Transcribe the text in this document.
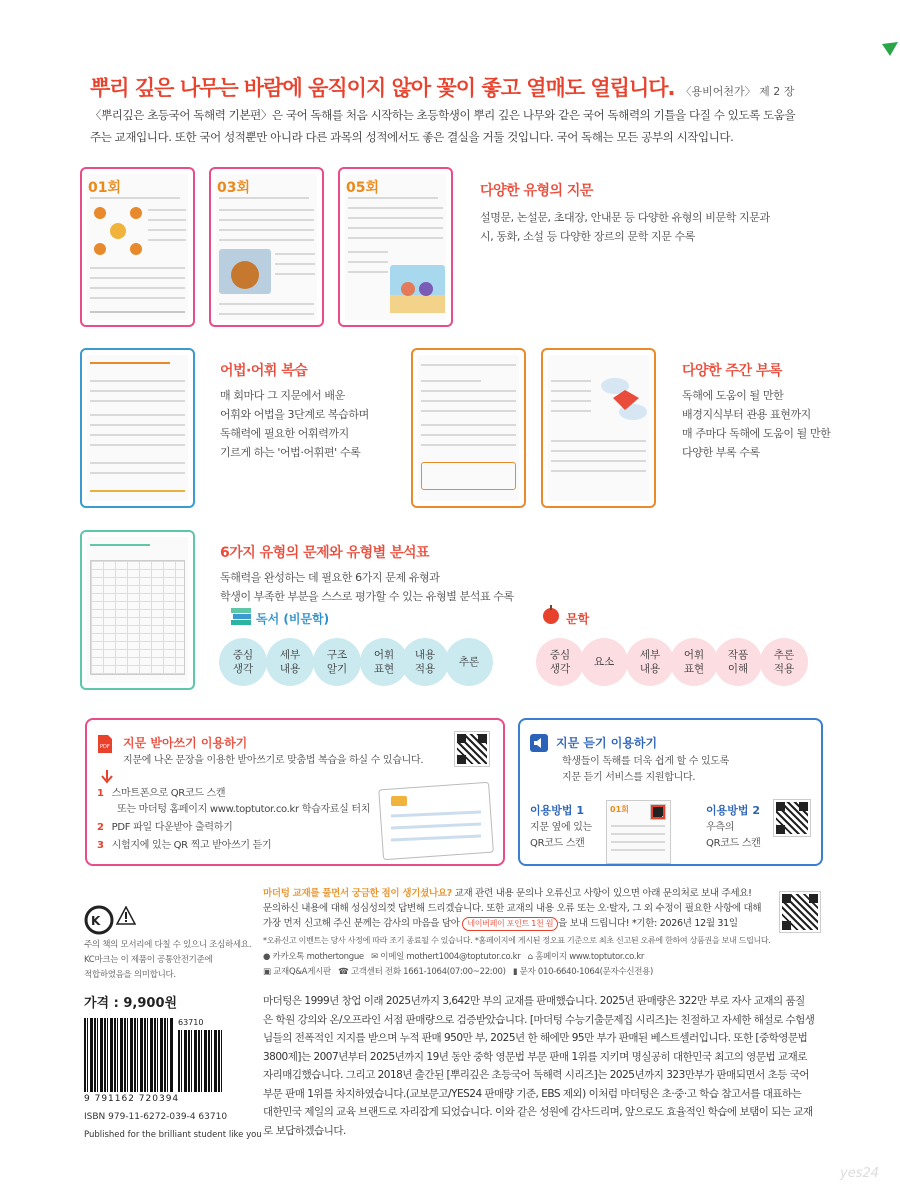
뿌리 깊은 나무는 바람에 움직이지 않아 꽃이 좋고 열매도 열립니다. 〈용비어천가〉 제 2 장
〈뿌리깊은 초등국어 독해력 기본편〉은 국어 독해를 처음 시작하는 초등학생이 뿌리 깊은 나무와 같은 국어 독해력의 기틀을 다질 수 있도록 도움을
주는 교재입니다. 또한 국어 성적뿐만 아니라 다른 과목의 성적에서도 좋은 결실을 거둘 것입니다. 국어 독해는 모든 공부의 시작입니다.
01회	03회	05회	다양한 유형의 지문
설명문, 논설문, 초대장, 안내문 등 다양한 유형의 비문학 지문과
시, 동화, 소설 등 다양한 장르의 문학 지문 수록
어법·어휘 복습
매 회마다 그 지문에서 배운
어휘와 어법을 3단계로 복습하며
독해력에 필요한 어휘력까지
기르게 하는 '어법·어휘편' 수록
다양한 주간 부록
독해에 도움이 될 만한
배경지식부터 관용 표현까지
매 주마다 독해에 도움이 될 만한
다양한 부록 수록
6가지 유형의 문제와 유형별 분석표
독해력을 완성하는 데 필요한 6가지 문제 유형과
학생이 부족한 부분을 스스로 평가할 수 있는 유형별 분석표 수록
독서 (비문학)
중심
생각
세부
내용
구조
알기
어휘
표현
내용
적용
추론
문학
중심
생각
요소
세부
내용
어휘
표현
작품
이해
추론
적용
PDF 지문 받아쓰기 이용하기
지문에 나온 문장을 이용한 받아쓰기로 맞춤법 복습을 하실 수 있습니다.
1 스마트폰으로 QR코드 스캔
또는 마더텅 홈페이지 www.toptutor.co.kr 학습자료실 터치
2 PDF 파일 다운받아 출력하기
3 시험지에 있는 QR 찍고 받아쓰기 듣기
지문 듣기 이용하기
학생들이 독해를 더욱 쉽게 할 수 있도록
지문 듣기 서비스를 지원합니다.
이용방법 1
지문 옆에 있는
QR코드 스캔
01회	이용방법 2
우측의
QR코드 스캔
K
주의 책의 모서리에 다칠 수 있으니 조심하세요.
KC마크는 이 제품이 공통안전기준에
적합하였음을 의미합니다.
가격 : 9,900원
63710
9 791162 720394
ISBN 979-11-6272-039-4 63710
Published for the brilliant student like you
마더텅 교재를 풀면서 궁금한 점이 생기셨나요? 교재 관련 내용 문의나 오류신고 사항이 있으면 아래 문의처로 보내 주세요!
문의하신 내용에 대해 성심성의껏 답변해 드리겠습니다. 또한 교재의 내용 오류 또는 오·탈자, 그 외 수정이 필요한 사항에 대해
가장 먼저 신고해 주신 분께는 감사의 마음을 담아 네이버페이 포인트 1천 원 을 보내 드립니다! *기한: 2026년 12월 31일
*오류신고 이벤트는 당사 사정에 따라 조기 종료될 수 있습니다. *홈페이지에 게시된 정오표 기준으로 최초 신고된 오류에 한하여 상품권을 보내 드립니다.
● 카카오톡 mothertongue ✉ 이메일 mothert1004@toptutor.co.kr ⌂ 홈페이지 www.toptutor.co.kr
▣ 교재Q&A게시판 ☎ 고객센터 전화 1661-1064(07:00~22:00) ▮ 문자 010-6640-1064(문자수신전용)
마더텅은 1999년 창업 이래 2025년까지 3,642만 부의 교재를 판매했습니다. 2025년 판매량은 322만 부로 자사 교재의 품질
은 학원 강의와 온/오프라인 서점 판매량으로 검증받았습니다. [마더텅 수능기출문제집 시리즈]는 친절하고 자세한 해설로 수험생
님들의 전폭적인 지지를 받으며 누적 판매 950만 부, 2025년 한 해에만 95만 부가 판매된 베스트셀러입니다. 또한 [중학영문법
3800제]는 2007년부터 2025년까지 19년 동안 중학 영문법 부문 판매 1위를 지키며 명실공히 대한민국 최고의 영문법 교재로
자리매김했습니다. 그리고 2018년 출간된 [뿌리깊은 초등국어 독해력 시리즈]는 2025년까지 323만부가 판매되면서 초등 국어
부문 판매 1위를 차지하였습니다.(교보문고/YES24 판매량 기준, EBS 제외) 이처럼 마더텅은 초·중·고 학습 참고서를 대표하는
대한민국 제일의 교육 브랜드로 자리잡게 되었습니다. 이와 같은 성원에 감사드리며, 앞으로도 효율적인 학습에 보탬이 되는 교재
로 보답하겠습니다.
yes24
